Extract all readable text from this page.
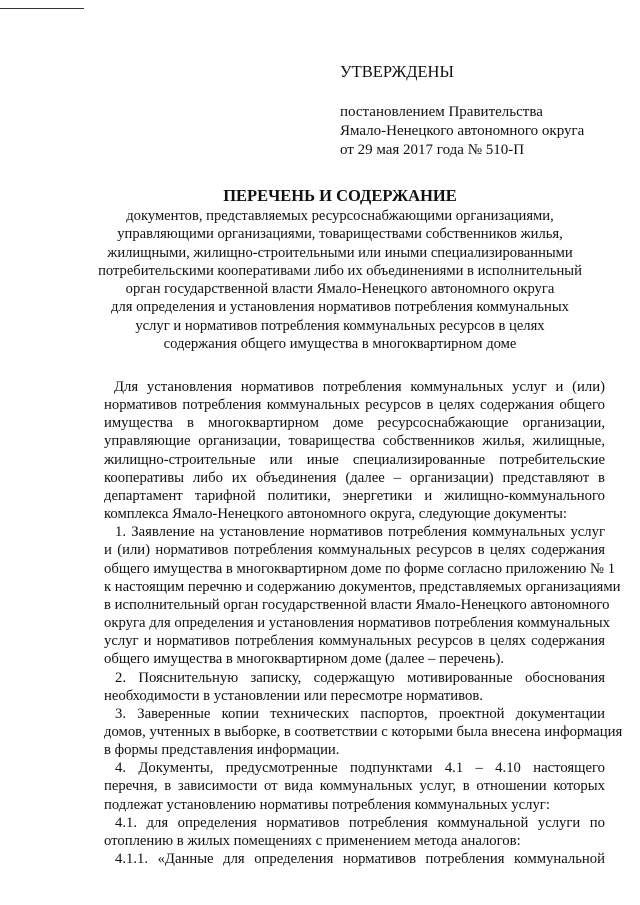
УТВЕРЖДЕНЫ
постановлением Правительства
Ямало-Ненецкого автономного округа
от 29 мая 2017 года № 510-П
ПЕРЕЧЕНЬ И СОДЕРЖАНИЕ
документов, представляемых ресурсоснабжающими организациями,
управляющими организациями, товариществами собственников жилья,
жилищными, жилищно-строительными или иными специализированными
потребительскими кооперативами либо их объединениями в исполнительный
орган государственной власти Ямало-Ненецкого автономного округа
для определения и установления нормативов потребления коммунальных
услуг и нормативов потребления коммунальных ресурсов в целях
содержания общего имущества в многоквартирном доме
Для установления нормативов потребления коммунальных услуг и (или)
нормативов потребления коммунальных ресурсов в целях содержания общего
имущества в многоквартирном доме ресурсоснабжающие организации,
управляющие организации, товарищества собственников жилья, жилищные,
жилищно-строительные или иные специализированные потребительские
кооперативы либо их объединения (далее – организации) представляют в
департамент тарифной политики, энергетики и жилищно-коммунального
комплекса Ямало-Ненецкого автономного округа, следующие документы:
1. Заявление на установление нормативов потребления коммунальных услуг
и (или) нормативов потребления коммунальных ресурсов в целях содержания
общего имущества в многоквартирном доме по форме согласно приложению № 1
к настоящим перечню и содержанию документов, представляемых организациями
в исполнительный орган государственной власти Ямало-Ненецкого автономного
округа для определения и установления нормативов потребления коммунальных
услуг и нормативов потребления коммунальных ресурсов в целях содержания
общего имущества в многоквартирном доме (далее – перечень).
2. Пояснительную записку, содержащую мотивированные обоснования
необходимости в установлении или пересмотре нормативов.
3. Заверенные копии технических паспортов, проектной документации
домов, учтенных в выборке, в соответствии с которыми была внесена информация
в формы представления информации.
4. Документы, предусмотренные подпунктами 4.1 – 4.10 настоящего
перечня, в зависимости от вида коммунальных услуг, в отношении которых
подлежат установлению нормативы потребления коммунальных услуг:
4.1. для определения нормативов потребления коммунальной услуги по
отоплению в жилых помещениях с применением метода аналогов:
4.1.1. «Данные для определения нормативов потребления коммунальной
